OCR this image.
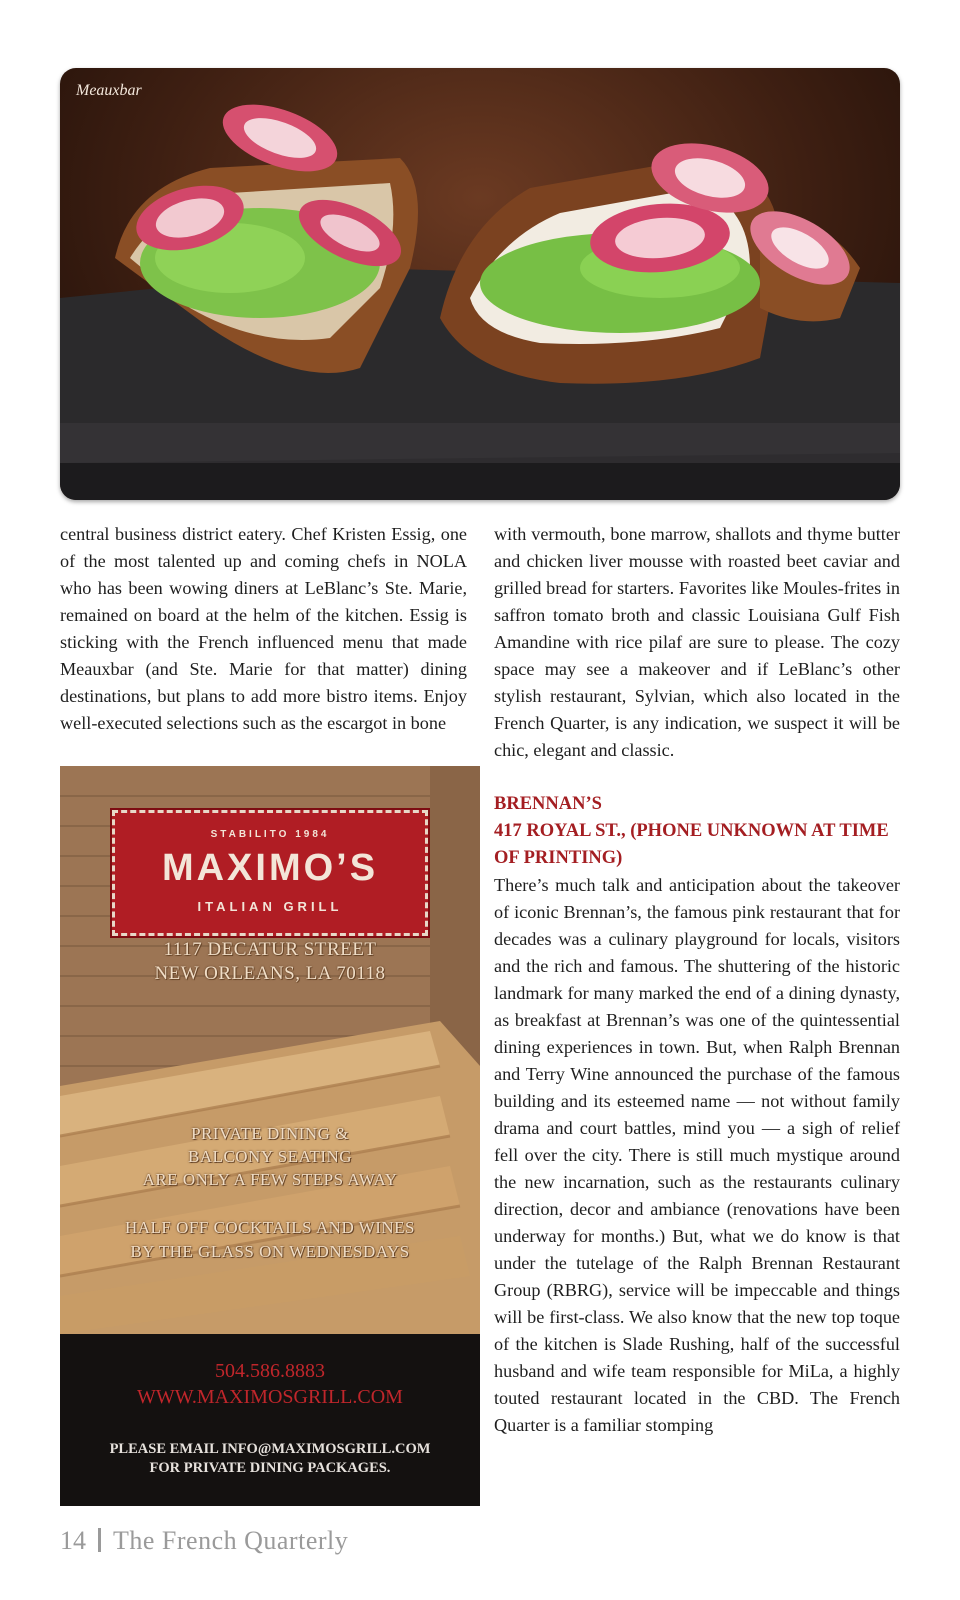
Meauxbar

central business district eatery. Chef Kristen Essig, one of the most talented up and coming chefs in NOLA who has been wowing diners at LeBlanc’s Ste. Marie, remained on board at the helm of the kitchen. Essig is sticking with the French influenced menu that made Meauxbar (and Ste. Marie for that matter) dining destinations, but plans to add more bistro items. Enjoy well-executed selections such as the escargot in bone

with vermouth, bone marrow, shallots and thyme butter and chicken liver mousse with roasted beet caviar and grilled bread for starters. Favorites like Moules-frites in saffron tomato broth and classic Louisiana Gulf Fish Amandine with rice pilaf are sure to please. The cozy space may see a makeover and if LeBlanc’s other stylish restaurant, Sylvian, which also located in the French Quarter, is any indication, we suspect it will be chic, elegant and classic.

BRENNAN’S
417 ROYAL ST., (PHONE UNKNOWN AT TIME OF PRINTING)

There’s much talk and anticipation about the takeover of iconic Brennan’s, the famous pink restaurant that for decades was a culinary playground for locals, visitors and the rich and famous. The shuttering of the historic landmark for many marked the end of a dining dynasty, as breakfast at Brennan’s was one of the quintessential dining experiences in town. But, when Ralph Brennan and Terry Wine announced the purchase of the famous building and its esteemed name — not without family drama and court battles, mind you — a sigh of relief fell over the city. There is still much mystique around the new incarnation, such as the restaurants culinary direction, decor and ambiance (renovations have been underway for months.) But, what we do know is that under the tutelage of the Ralph Brennan Restaurant Group (RBRG), service will be impeccable and things will be first-class. We also know that the new top toque of the kitchen is Slade Rushing, half of the successful husband and wife team responsible for MiLa, a highly touted restaurant located in the CBD. The French Quarter is a familiar stomping

STABILITO 1984
MAXIMO’S
ITALIAN GRILL
1117 DECATUR STREET
NEW ORLEANS, LA 70118
PRIVATE DINING &
BALCONY SEATING
ARE ONLY A FEW STEPS AWAY
HALF OFF COCKTAILS AND WINES
BY THE GLASS ON WEDNESDAYS
504.586.8883
WWW.MAXIMOSGRILL.COM
PLEASE EMAIL INFO@MAXIMOSGRILL.COM
FOR PRIVATE DINING PACKAGES.
14 The French Quarterly
